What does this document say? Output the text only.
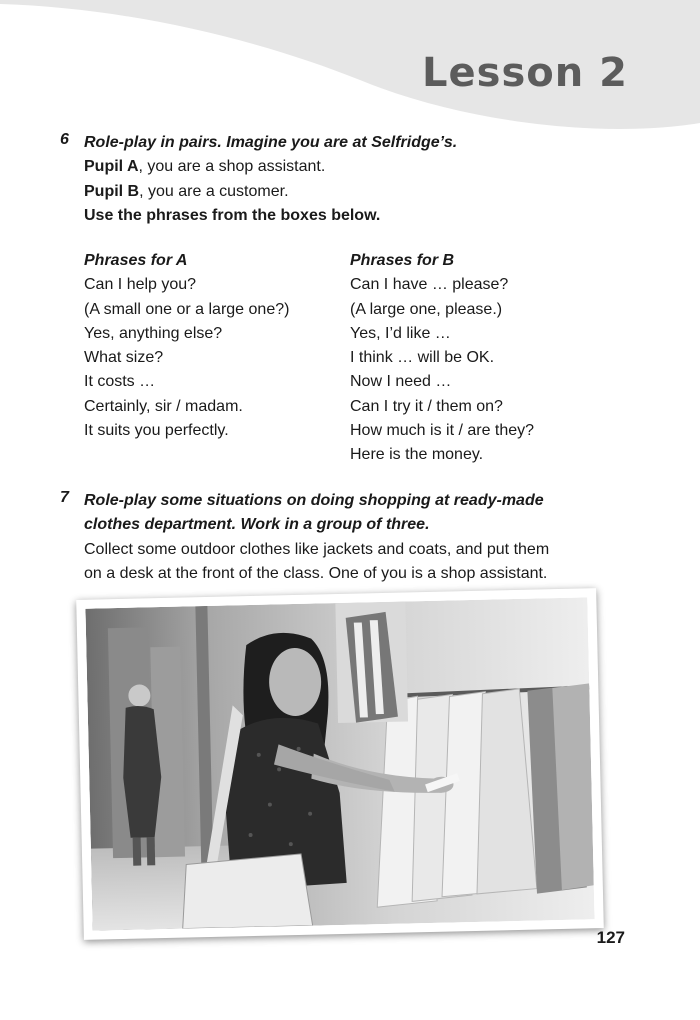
Lesson 2
6 Role-play in pairs. Imagine you are at Selfridge’s.
Pupil A, you are a shop assistant.
Pupil B, you are a customer.
Use the phrases from the boxes below.
Phrases for A
Can I help you?
(A small one or a large one?)
Yes, anything else?
What size?
It costs …
Certainly, sir / madam.
It suits you perfectly.
Phrases for B
Can I have … please?
(A large one, please.)
Yes, I’d like …
I think … will be OK.
Now I need …
Can I try it / them on?
How much is it / are they?
Here is the money.
7 Role-play some situations on doing shopping at ready-made
clothes department. Work in a group of three.
Collect some outdoor clothes like jackets and coats, and put them
on a desk at the front of the class. One of you is a shop assistant.
127
